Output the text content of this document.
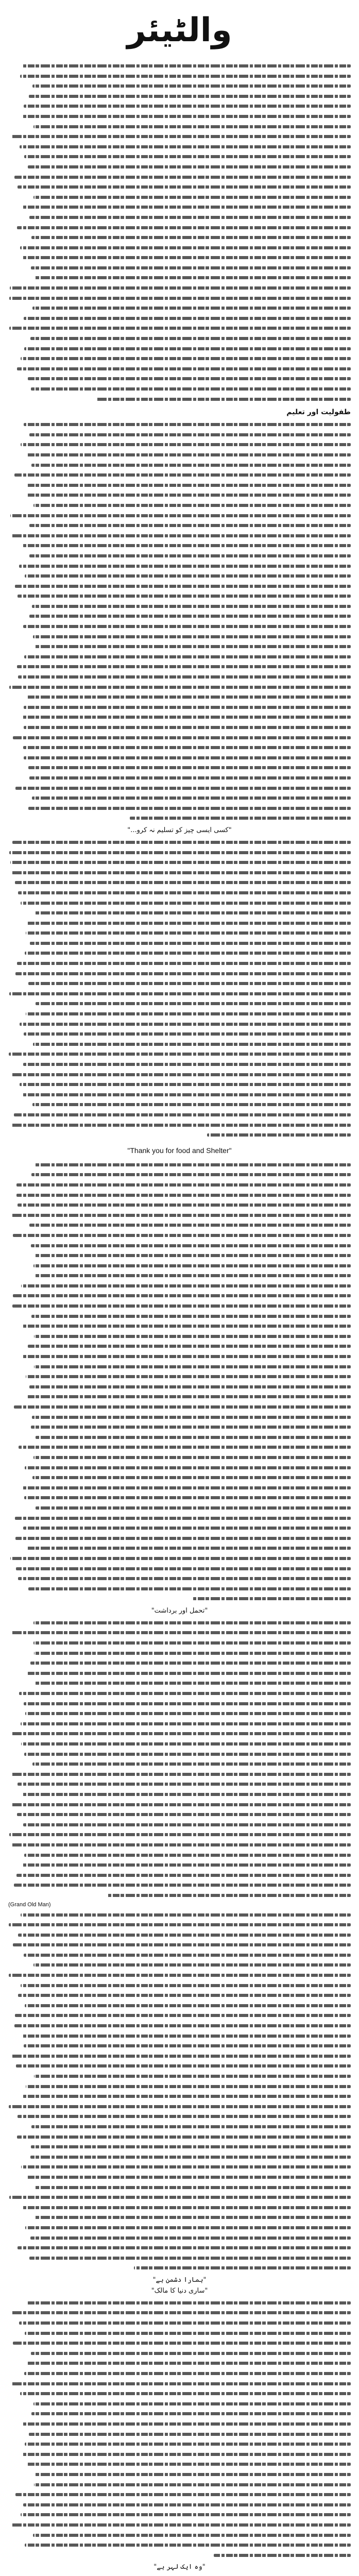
والٹیئر
طفولیت اور تعلیم
"کسی ایسی چیز کو تسلیم نہ کرو..."
"Thank you for food and Shelter"
"تحمل اور برداشت"
(Grand Old Man)
"ہمارا دشمن ہے"
"ساری دنیا کا مالک"
"وہ ایک لہر ہے"
